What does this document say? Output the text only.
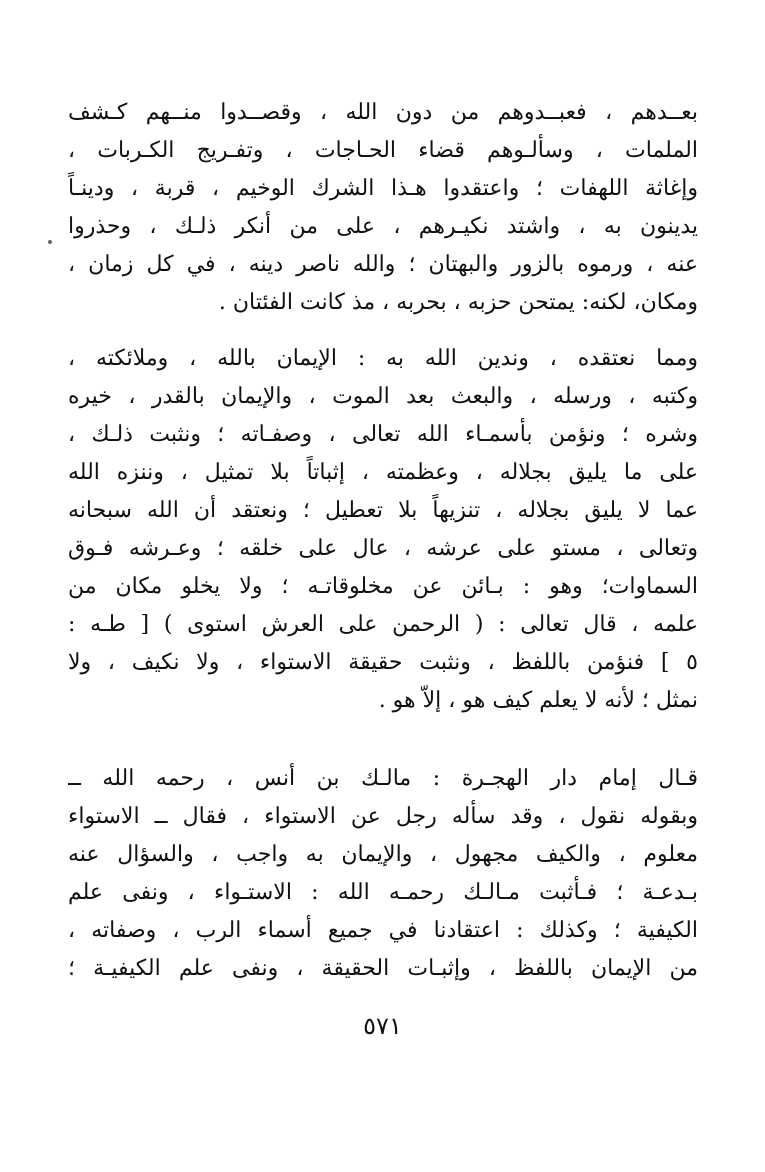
بعــدهم ، فعبــدوهم من دون الله ، وقصــدوا منــهم كـشف
الملمات ، وسألـوهم قضاء الحـاجات ، وتفـريج الكـربات ،
وإغاثة اللهفات ؛ واعتقدوا هـذا الشرك الوخيم ، قربة ، ودينـاً
يدينون به ، واشتد نكيـرهم ، على من أنكر ذلـك ، وحذروا
عنه ، ورموه بالزور والبهتان ؛ والله ناصر دينه ، في كل زمان ،
ومكان، لكنه: يمتحن حزبه ، بحربه ، مذ كانت الفئتان .
ومما نعتقده ، وندين الله به : الإيمان بالله ، وملائكته ،
وكتبه ، ورسله ، والبعث بعد الموت ، والإيمان بالقدر ، خيره
وشره ؛ ونؤمن بأسمـاء الله تعالى ، وصفـاته ؛ ونثبت ذلـك ،
على ما يليق بجلاله ، وعظمته ، إثباتاً بلا تمثيل ، وننزه الله
عما لا يليق بجلاله ، تنزيهاً بلا تعطيل ؛ ونعتقد أن الله سبحانه
وتعالى ، مستو على عرشه ، عال على خلقه ؛ وعـرشه فـوق
السماوات؛ وهو : بـائن عن مخلوقاتـه ؛ ولا يخلو مكان من
علمه ، قال تعالى : ( الرحمن على العرش استوى ) [ طـه :
٥ ] فنؤمن باللفظ ، ونثبت حقيقة الاستواء ، ولا نكيف ، ولا
نمثل ؛ لأنه لا يعلم كيف هو ، إلاّ هو .
قـال إمام دار الهجـرة : مالـك بن أنس ، رحمه الله ــ
وبقوله نقول ، وقد سأله رجل عن الاستواء ، فقال ــ الاستواء
معلوم ، والكيف مجهول ، والإيمان به واجب ، والسؤال عنه
بـدعـة ؛ فـأثبت مـالـك رحمـه الله : الاستـواء ، ونفى علم
الكيفية ؛ وكذلك : اعتقادنا في جميع أسماء الرب ، وصفاته ،
من الإيمان باللفظ ، وإثبـات الحقيقة ، ونفى علم الكيفيـة ؛
٥٧١
